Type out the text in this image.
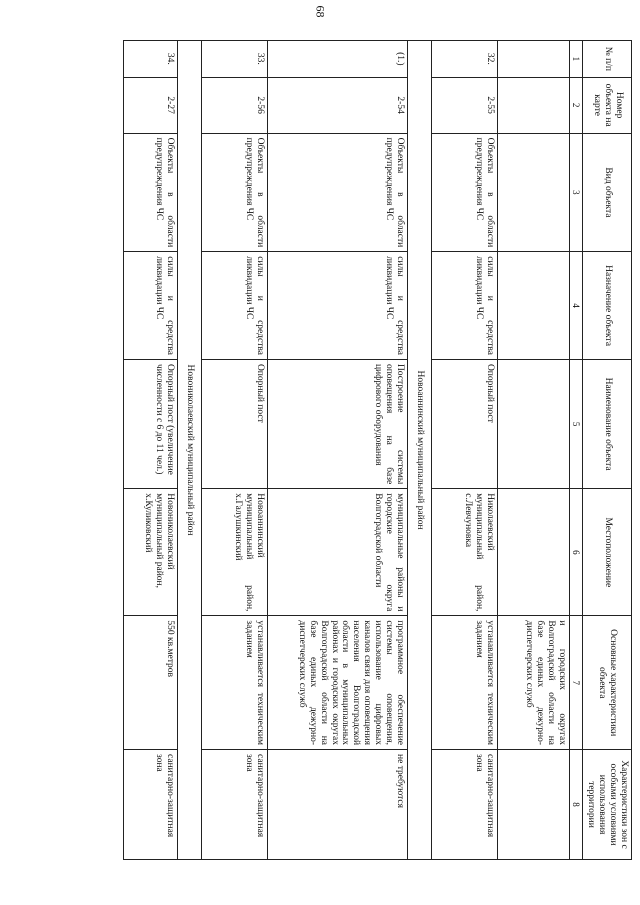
68
№ п/п	Номер объекта на карте	Вид объекта	Назначение объекта	Наименование объекта	Местоположение	Основные характеристики объекта	Характеристики зон с особыми условиями использования территории
1	2	3	4	5	6	7	8
						и городских округах Волгоградской области на базе единых дежурно-диспетчерских служб	
32.	2-55	Объекты в области предупреждения ЧС	силы и средства ликвидации ЧС	Опорный пост	Николаевский муниципальный район, с.Левчуновка	устанавливается техническим заданием	санитарно-защитная зона
Новоаннинский муниципальный район							
(1.)	2-54	Объекты в области предупреждения ЧС	силы и средства ликвидации ЧС	Построение системы оповещения на базе цифрового оборудования	муниципальные районы и городские округа Волгоградской области	программное обеспечение системы оповещения, использование цифровых каналов связи для оповещения населения Волгоградской области в муниципальных районах и городских округах Волгоградской области на базе единых дежурно-диспетчерских служб	не требуются
33.	2-56	Объекты в области предупреждения ЧС	силы и средства ликвидации ЧС	Опорный пост	Новоаннинский муниципальный район, х.Галушкинский	устанавливается техническим заданием	санитарно-защитная зона
Новониколаевский муниципальный район							
34.	2-27	Объекты в области предупреждения ЧС	силы и средства ликвидации ЧС	Опорный пост (увеличение численности с 6 до 11 чел.)	Новониколаевский муниципальный район, х.Куликовский	550 кв.метров	санитарно-защитная зона
